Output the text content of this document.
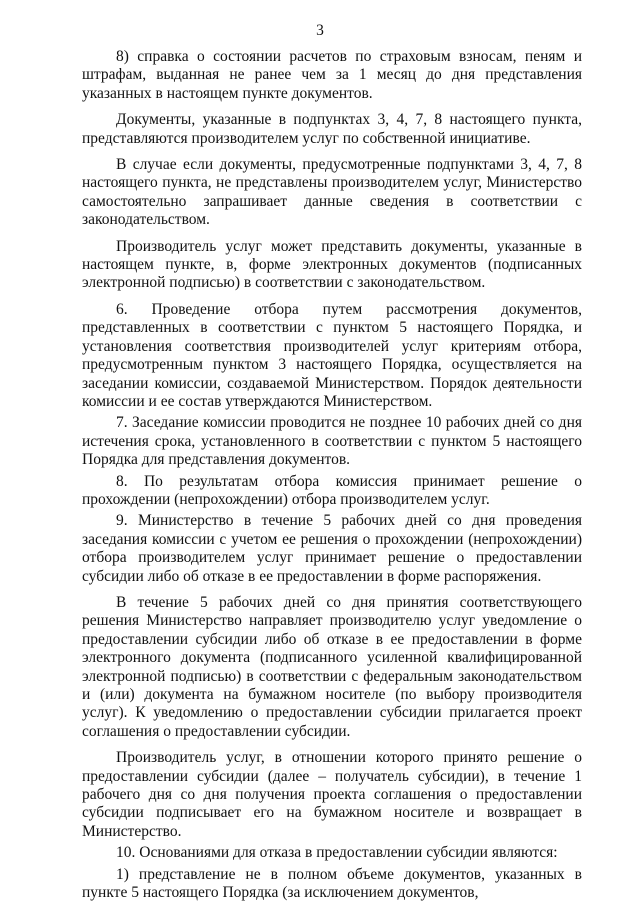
3

8) справка о состоянии расчетов по страховым взносам, пеням и штрафам, выданная не ранее чем за 1 месяц до дня представления указанных в настоящем пункте документов.

Документы, указанные в подпунктах 3, 4, 7, 8 настоящего пункта, представляются производителем услуг по собственной инициативе.

В случае если документы, предусмотренные подпунктами 3, 4, 7, 8 настоящего пункта, не представлены производителем услуг, Министерство самостоятельно запрашивает данные сведения в соответствии с законодательством.

Производитель услуг может представить документы, указанные в настоящем пункте, в, форме электронных документов (подписанных электронной подписью) в соответствии с законодательством.

6. Проведение отбора путем рассмотрения документов, представленных в соответствии с пунктом 5 настоящего Порядка, и установления соответствия производителей услуг критериям отбора, предусмотренным пунктом 3 настоящего Порядка, осуществляется на заседании комиссии, создаваемой Министерством. Порядок деятельности комиссии и ее состав утверждаются Министерством.

7. Заседание комиссии проводится не позднее 10 рабочих дней со дня истечения срока, установленного в соответствии с пунктом 5 настоящего Порядка для представления документов.

8. По результатам отбора комиссия принимает решение о прохождении (непрохождении) отбора производителем услуг.

9. Министерство в течение 5 рабочих дней со дня проведения заседания комиссии с учетом ее решения о прохождении (непрохождении) отбора производителем услуг принимает решение о предоставлении субсидии либо об отказе в ее предоставлении в форме распоряжения.

В течение 5 рабочих дней со дня принятия соответствующего решения Министерство направляет производителю услуг уведомление о предоставлении субсидии либо об отказе в ее предоставлении в форме электронного документа (подписанного усиленной квалифицированной электронной подписью) в соответствии с федеральным законодательством и (или) документа на бумажном носителе (по выбору производителя услуг). К уведомлению о предоставлении субсидии прилагается проект соглашения о предоставлении субсидии.

Производитель услуг, в отношении которого принято решение о предоставлении субсидии (далее – получатель субсидии), в течение 1 рабочего дня со дня получения проекта соглашения о предоставлении субсидии подписывает его на бумажном носителе и возвращает в Министерство.

10. Основаниями для отказа в предоставлении субсидии являются:

1) представление не в полном объеме документов, указанных в пункте 5 настоящего Порядка (за исключением документов,
